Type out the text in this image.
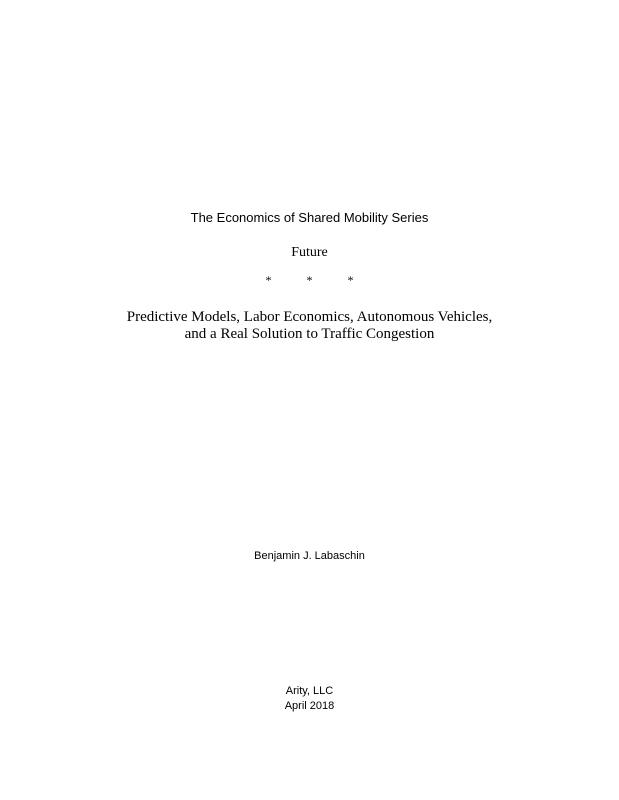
The Economics of Shared Mobility Series
Future
*	*	*
Predictive Models, Labor Economics, Autonomous Vehicles,
and a Real Solution to Traffic Congestion
Benjamin J. Labaschin
Arity, LLC
April 2018
